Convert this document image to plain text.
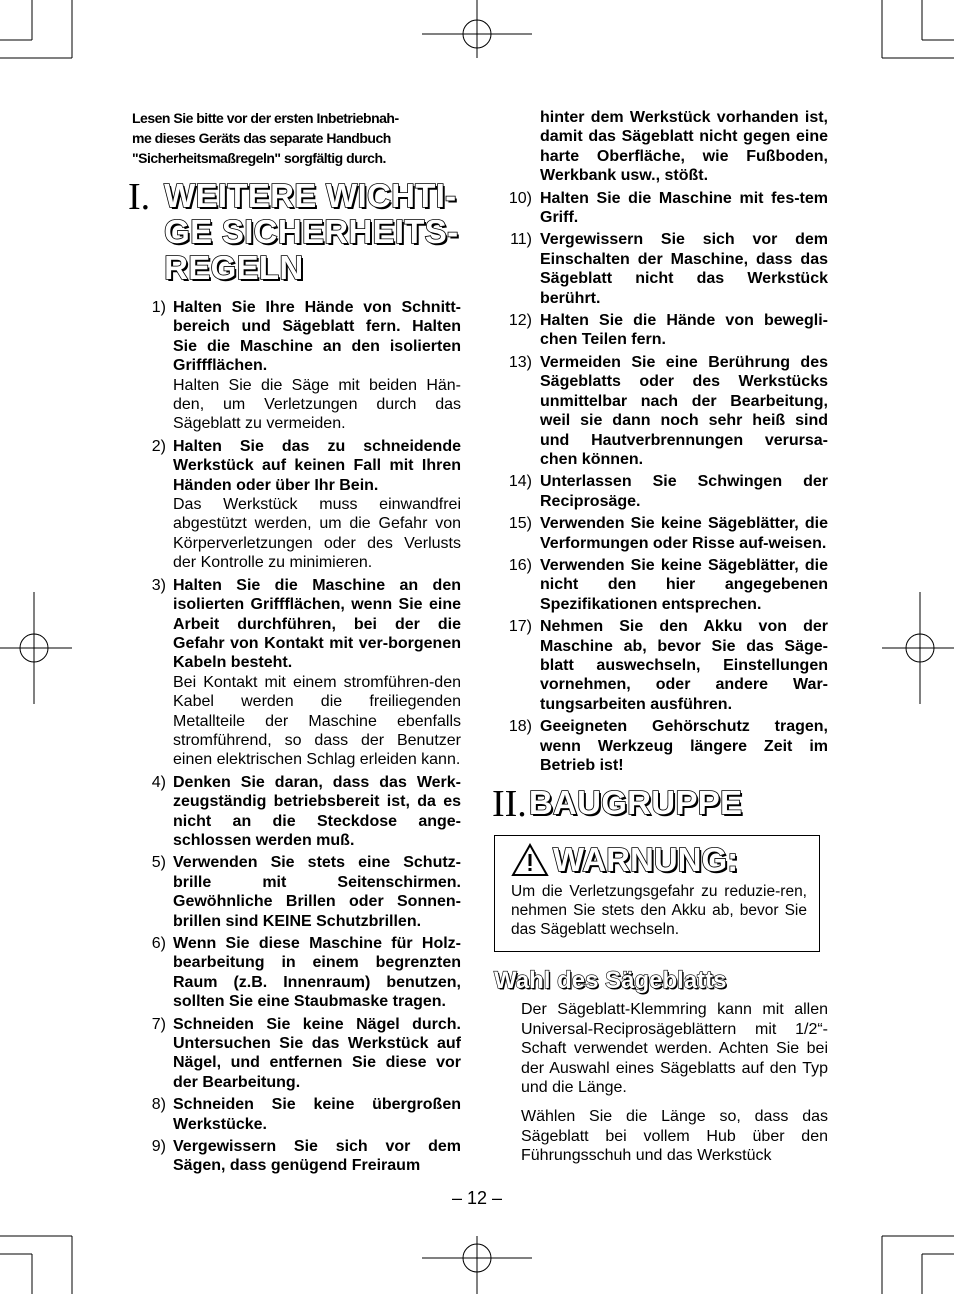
Lesen Sie bitte vor der ersten Inbetriebnah-
me dieses Geräts das separate Handbuch
"Sicherheitsmaßregeln" sorgfältig durch.
I. WEITERE WICHTI-
GE SICHERHEITS-
REGELN
1) Halten Sie Ihre Hände von Schnitt-bereich und Sägeblatt fern. Halten Sie die Maschine an den isolierten Griffflächen.
Halten Sie die Säge mit beiden Hän-den, um Verletzungen durch das Sägeblatt zu vermeiden.
2) Halten Sie das zu schneidende Werkstück auf keinen Fall mit Ihren Händen oder über Ihr Bein.
Das Werkstück muss einwandfrei abgestützt werden, um die Gefahr von Körperverletzungen oder des Verlusts der Kontrolle zu minimieren.
3) Halten Sie die Maschine an den isolierten Griffflächen, wenn Sie eine Arbeit durchführen, bei der die Gefahr von Kontakt mit ver-borgenen Kabeln besteht.
Bei Kontakt mit einem stromführen-den Kabel werden die freiliegenden Metallteile der Maschine ebenfalls stromführend, so dass der Benutzer einen elektrischen Schlag erleiden kann.
4) Denken Sie daran, dass das Werk-zeugständig betriebsbereit ist, da es nicht an die Steckdose ange-schlossen werden muß.
5) Verwenden Sie stets eine Schutz-brille mit Seitenschirmen. Gewöhnliche Brillen oder Sonnen-brillen sind KEINE Schutzbrillen.
6) Wenn Sie diese Maschine für Holz-bearbeitung in einem begrenzten Raum (z.B. Innenraum) benutzen, sollten Sie eine Staubmaske tragen.
7) Schneiden Sie keine Nägel durch. Untersuchen Sie das Werkstück auf Nägel, und entfernen Sie diese vor der Bearbeitung.
8) Schneiden Sie keine übergroßen Werkstücke.
9) Vergewissern Sie sich vor dem Sägen, dass genügend Freiraum
hinter dem Werkstück vorhanden ist, damit das Sägeblatt nicht gegen eine harte Oberfläche, wie Fußboden, Werkbank usw., stößt.
10) Halten Sie die Maschine mit fes-tem Griff.
11) Vergewissern Sie sich vor dem Einschalten der Maschine, dass das Sägeblatt nicht das Werkstück berührt.
12) Halten Sie die Hände von bewegli-chen Teilen fern.
13) Vermeiden Sie eine Berührung des Sägeblatts oder des Werkstücks unmittelbar nach der Bearbeitung, weil sie dann noch sehr heiß sind und Hautverbrennungen verursa-chen können.
14) Unterlassen Sie Schwingen der Reciprosäge.
15) Verwenden Sie keine Sägeblätter, die Verformungen oder Risse auf-weisen.
16) Verwenden Sie keine Sägeblätter, die nicht den hier angegebenen Spezifikationen entsprechen.
17) Nehmen Sie den Akku von der Maschine ab, bevor Sie das Säge-blatt auswechseln, Einstellungen vornehmen, oder andere War-tungsarbeiten ausführen.
18) Geeigneten Gehörschutz tragen, wenn Werkzeug längere Zeit im Betrieb ist!
II. BAUGRUPPE
WARNUNG:
Um die Verletzungsgefahr zu reduzie-ren, nehmen Sie stets den Akku ab, bevor Sie das Sägeblatt wechseln.
Wahl des Sägeblatts

Der Sägeblatt-Klemmring kann mit allen Universal-Reciprosägeblättern mit 1/2“-Schaft verwendet werden. Achten Sie bei der Auswahl eines Sägeblatts auf den Typ und die Länge.

Wählen Sie die Länge so, dass das Sägeblatt bei vollem Hub über den Führungsschuh und das Werkstück

– 12 –
